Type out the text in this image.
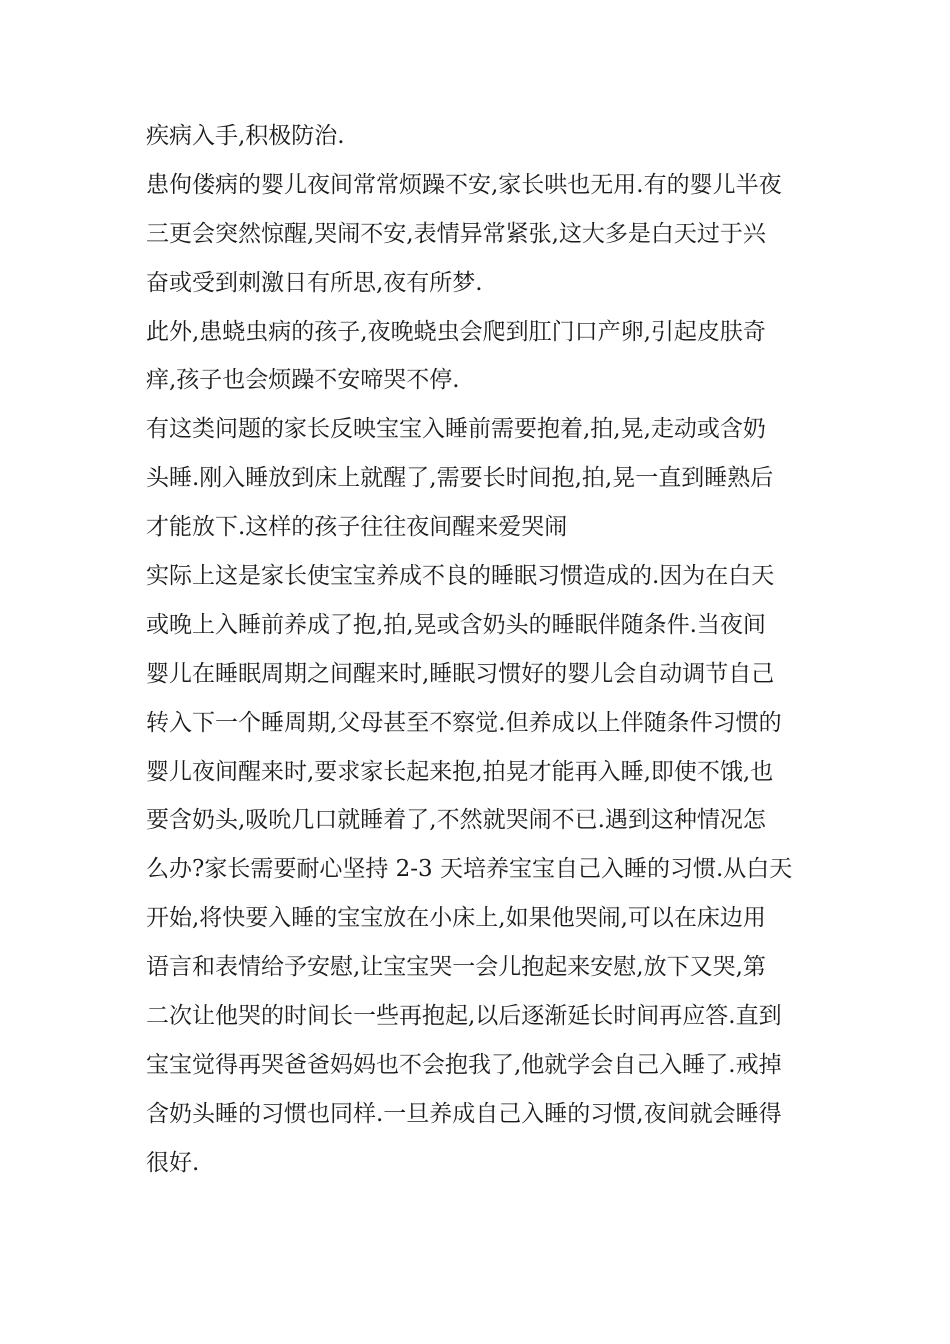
疾病入手,积极防治.
患佝偻病的婴儿夜间常常烦躁不安,家长哄也无用.有的婴儿半夜
三更会突然惊醒,哭闹不安,表情异常紧张,这大多是白天过于兴
奋或受到刺激日有所思,夜有所梦.
此外,患蛲虫病的孩子,夜晚蛲虫会爬到肛门口产卵,引起皮肤奇
痒,孩子也会烦躁不安啼哭不停.
有这类问题的家长反映宝宝入睡前需要抱着,拍,晃,走动或含奶
头睡.刚入睡放到床上就醒了,需要长时间抱,拍,晃一直到睡熟后
才能放下.这样的孩子往往夜间醒来爱哭闹
实际上这是家长使宝宝养成不良的睡眠习惯造成的.因为在白天
或晚上入睡前养成了抱,拍,晃或含奶头的睡眠伴随条件.当夜间
婴儿在睡眠周期之间醒来时,睡眠习惯好的婴儿会自动调节自己
转入下一个睡周期,父母甚至不察觉.但养成以上伴随条件习惯的
婴儿夜间醒来时,要求家长起来抱,拍晃才能再入睡,即使不饿,也
要含奶头,吸吮几口就睡着了,不然就哭闹不已.遇到这种情况怎
么办?家长需要耐心坚持 2-3 天培养宝宝自己入睡的习惯.从白天
开始,将快要入睡的宝宝放在小床上,如果他哭闹,可以在床边用
语言和表情给予安慰,让宝宝哭一会儿抱起来安慰,放下又哭,第
二次让他哭的时间长一些再抱起,以后逐渐延长时间再应答.直到
宝宝觉得再哭爸爸妈妈也不会抱我了,他就学会自己入睡了.戒掉
含奶头睡的习惯也同样.一旦养成自己入睡的习惯,夜间就会睡得
很好.
